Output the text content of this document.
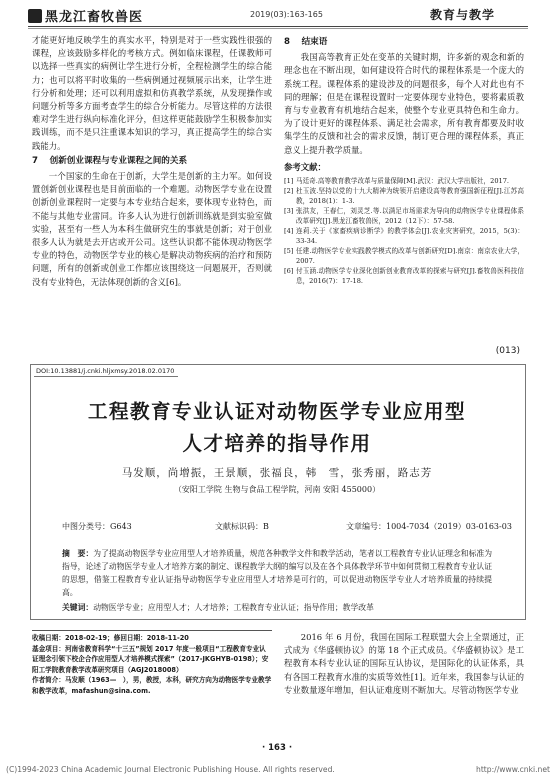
黑龙江畜牧兽医	2019(03):163-165	教育与教学

才能更好地反映学生的真实水平，特别是对于一些实践性很强的课程，应该鼓励多样化的考核方式。例如临床课程，任课教师可以选择一些真实的病例让学生进行分析，全程检测学生的综合能力；也可以将平时收集的一些病例通过视频展示出来，让学生进行分析和处理；还可以利用虚拟和仿真教学系统，从发现操作或问题分析等多方面考查学生的综合分析能力。尽管这样的方法很难对学生进行纵向标准化评分，但这样更能鼓励学生积极参加实践训练，而不是只注重课本知识的学习，真正提高学生的综合实践能力。

7 　创新创业课程与专业课程之间的关系

一个国家的生命在于创新，大学生是创新的主力军。如何设置创新创业课程也是目前面临的一个难题。动物医学专业在设置创新创业课程时一定要与本专业结合起来，要体现专业特色，而不能与其他专业雷同。许多人认为进行创新训练就是到实验室做实验，甚至有一些人为本科生做研究生的事就是创新；对于创业很多人认为就是去开店或开公司。这些认识都不能体现动物医学专业的特色，动物医学专业的核心是解决动物疾病的治疗和预防问题，所有的创新或创业工作都应该围绕这一问题展开，否则就没有专业特色，无法体现创新的含义[6]。

8 　结束语

我国高等教育正处在变革的关键时期，许多新的观念和新的理念也在不断出现，如何建设符合时代的课程体系是一个庞大的系统工程。课程体系的建设涉及的问题很多，每个人对此也有不同的理解；但是在课程设置时一定要体现专业特色，要将素质教育与专业教育有机地结合起来，使整个专业更具特色和生命力。为了设计更好的课程体系、满足社会需求，所有教育都要及时收集学生的反馈和社会的需求反馈，制订更合理的课程体系，真正意义上提升教学质量。

参考文献：
[1] 马廷奇.高等教育教学改革与质量保障[M].武汉：武汉大学出版社，2017.
[2] 杜玉波.坚持以党的十九大精神为统领开启建设高等教育强国新征程[J].江苏高教，2018(1)：1-3.
[3] 张洪友，王春仁，刘灵芝.等.以满足市场需求为导向的动物医学专业课程体系改革研究[J].黑龙江畜牧兽医，2012（12下）：57-58.
[4] 连莉.关于《家畜疾病诊断学》的教学体会[J].农业灾害研究，2015，5(3)：33-34.
[5] 任建.动物医学专业实践教学模式的改革与创新研究[D].南京：南京农业大学，2007.
[6] 付玉涵.动物医学专业深化创新创业教育改革的探索与研究[J].畜牧兽医科技信息，2016(7)：17-18.
(013)
DOI:10.13881/j.cnki.hljxmsy.2018.02.0170
工程教育专业认证对动物医学专业应用型
人才培养的指导作用
马发顺，尚增振，王景顺，张福良，韩　雪，张秀丽，路志芳
（安阳工学院 生物与食品工程学院，河南 安阳 455000）
中图分类号：G643	文献标识码：B	文章编号：1004-7034（2019）03-0163-03
摘　要：为了提高动物医学专业应用型人才培养质量，规范各种教学文件和教学活动，笔者以工程教育专业认证理念和标准为指导，论述了动物医学专业人才培养方案的制定、课程教学大纲的编写以及在各个具体教学环节中如何贯彻工程教育专业认证的思想，借鉴工程教育专业认证指导动物医学专业应用型人才培养是可行的，可以促进动物医学专业人才培养质量的持续提高。
关键词：动物医学专业；应用型人才；人才培养；工程教育专业认证；指导作用；教学改革
收稿日期：2018-02-19；修回日期：2018-11-20
基金项目：河南省教育科学“十三五”规划 2017 年度一般项目“工程教育专业认证理念引领下校企合作应用型人才培养模式探索”（2017-JKGHYB-0198）；安阳工学院教育教学改革研究项目（AGJ2018008）
作者简介：马发顺（1963—　），男，教授，本科，研究方向为动物医学专业教学和教学改革，mafashun@sina.com.
2016 年 6 月份，我国在国际工程联盟大会上全票通过，正式成为《华盛顿协议》的第 18 个正式成员。《华盛顿协议》是工程教育本科专业认证的国际互认协议，是国际化的认证体系，具有各国工程教育水准的实质等效性[1]。近年来，我国参与认证的专业数量逐年增加，但认证难度则不断加大。尽管动物医学专业
· 163 ·
(C)1994-2023 China Academic Journal Electronic Publishing House. All rights reserved.	http://www.cnki.net
